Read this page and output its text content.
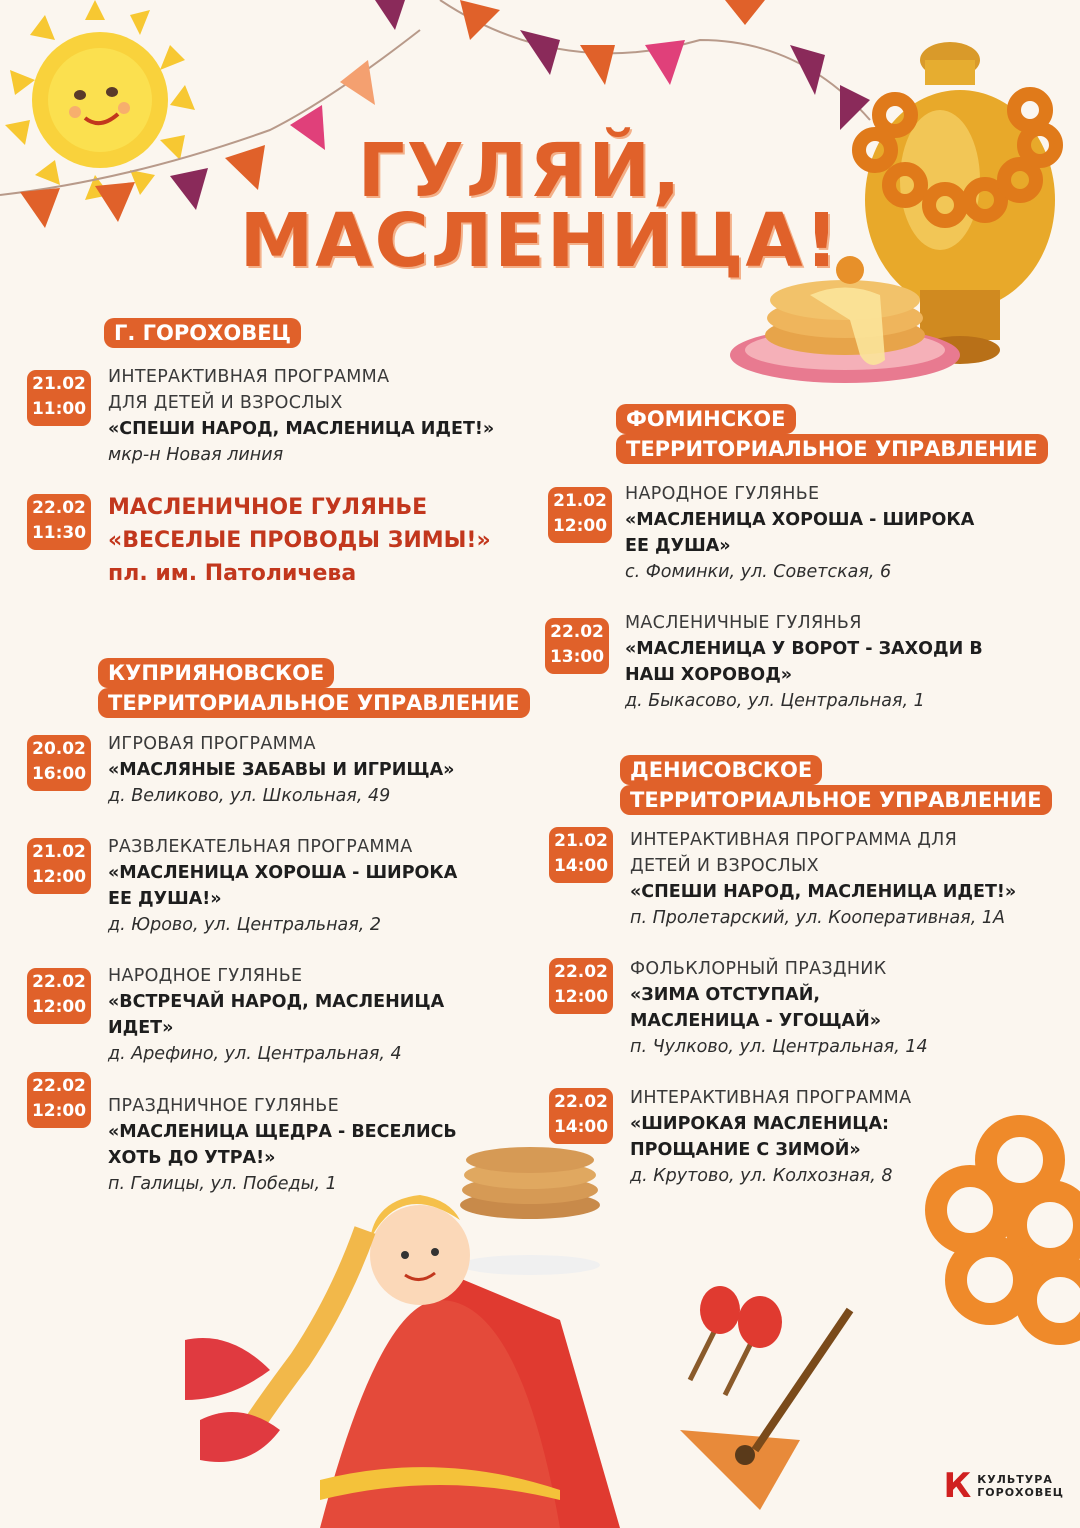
ГУЛЯЙ,
МАСЛЕНИЦА!
Г. ГОРОХОВЕЦ
21.02
11:00
ИНТЕРАКТИВНАЯ ПРОГРАММА
ДЛЯ ДЕТЕЙ И ВЗРОСЛЫХ
«СПЕШИ НАРОД, МАСЛЕНИЦА ИДЕТ!»
мкр-н Новая линия
22.02
11:30
МАСЛЕНИЧНОЕ ГУЛЯНЬЕ
«ВЕСЕЛЫЕ ПРОВОДЫ ЗИМЫ!»
пл. им. Патоличева
КУПРИЯНОВСКОЕ
ТЕРРИТОРИАЛЬНОЕ УПРАВЛЕНИЕ
20.02
16:00
ИГРОВАЯ ПРОГРАММА
«МАСЛЯНЫЕ ЗАБАВЫ И ИГРИЩА»
д. Великово, ул. Школьная, 49
21.02
12:00
РАЗВЛЕКАТЕЛЬНАЯ ПРОГРАММА
«МАСЛЕНИЦА ХОРОША - ШИРОКА
ЕЕ ДУША!»
д. Юрово, ул. Центральная, 2
22.02
12:00
НАРОДНОЕ ГУЛЯНЬЕ
«ВСТРЕЧАЙ НАРОД, МАСЛЕНИЦА
ИДЕТ»
д. Арефино, ул. Центральная, 4
22.02
12:00 ПРАЗДНИЧНОЕ ГУЛЯНЬЕ
«МАСЛЕНИЦА ЩЕДРА - ВЕСЕЛИСЬ
ХОТЬ ДО УТРА!»
п. Галицы, ул. Победы, 1
ФОМИНСКОЕ
ТЕРРИТОРИАЛЬНОЕ УПРАВЛЕНИЕ
21.02
12:00
НАРОДНОЕ ГУЛЯНЬЕ
«МАСЛЕНИЦА ХОРОША - ШИРОКА
ЕЕ ДУША»
с. Фоминки, ул. Советская, 6
22.02
13:00
МАСЛЕНИЧНЫЕ ГУЛЯНЬЯ
«МАСЛЕНИЦА У ВОРОТ - ЗАХОДИ В
НАШ ХОРОВОД»
д. Быкасово, ул. Центральная, 1
ДЕНИСОВСКОЕ
ТЕРРИТОРИАЛЬНОЕ УПРАВЛЕНИЕ
21.02
14:00
ИНТЕРАКТИВНАЯ ПРОГРАММА ДЛЯ
ДЕТЕЙ И ВЗРОСЛЫХ
«СПЕШИ НАРОД, МАСЛЕНИЦА ИДЕТ!»
п. Пролетарский, ул. Кооперативная, 1А
22.02
12:00
ФОЛЬКЛОРНЫЙ ПРАЗДНИК
«ЗИМА ОТСТУПАЙ,
МАСЛЕНИЦА - УГОЩАЙ»
п. Чулково, ул. Центральная, 14
22.02
14:00
ИНТЕРАКТИВНАЯ ПРОГРАММА
«ШИРОКАЯ МАСЛЕНИЦА:
ПРОЩАНИЕ С ЗИМОЙ»
д. Крутово, ул. Колхозная, 8
К КУЛЬТУРА
ГОРОХОВЕЦ
